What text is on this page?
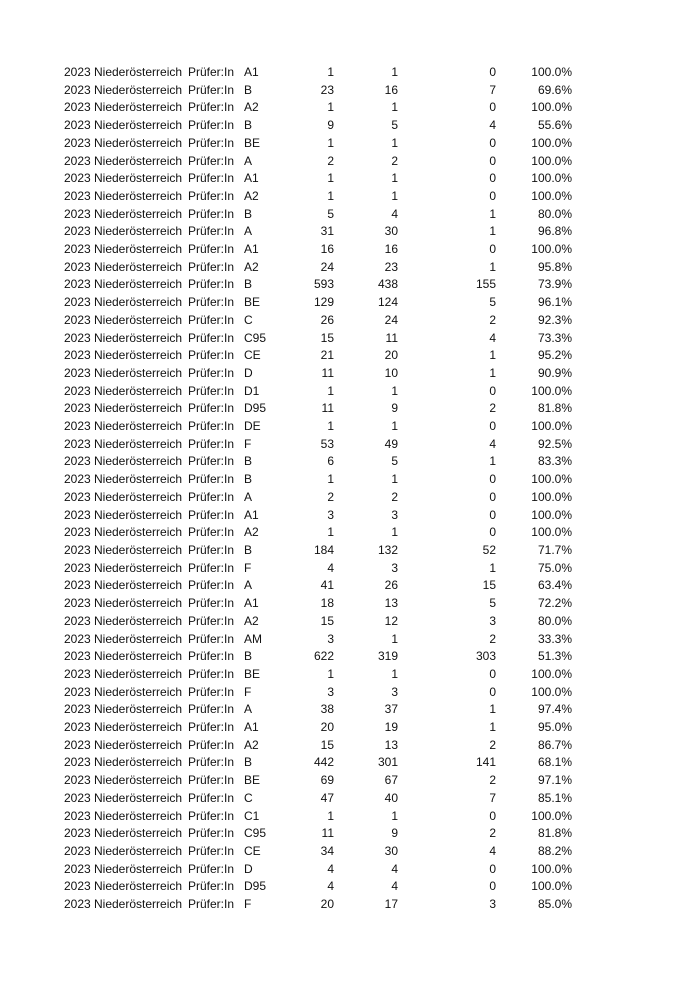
2023	Niederösterreich	Prüfer:In	A1	1	1	0	100.0%
2023	Niederösterreich	Prüfer:In	B	23	16	7	69.6%
2023	Niederösterreich	Prüfer:In	A2	1	1	0	100.0%
2023	Niederösterreich	Prüfer:In	B	9	5	4	55.6%
2023	Niederösterreich	Prüfer:In	BE	1	1	0	100.0%
2023	Niederösterreich	Prüfer:In	A	2	2	0	100.0%
2023	Niederösterreich	Prüfer:In	A1	1	1	0	100.0%
2023	Niederösterreich	Prüfer:In	A2	1	1	0	100.0%
2023	Niederösterreich	Prüfer:In	B	5	4	1	80.0%
2023	Niederösterreich	Prüfer:In	A	31	30	1	96.8%
2023	Niederösterreich	Prüfer:In	A1	16	16	0	100.0%
2023	Niederösterreich	Prüfer:In	A2	24	23	1	95.8%
2023	Niederösterreich	Prüfer:In	B	593	438	155	73.9%
2023	Niederösterreich	Prüfer:In	BE	129	124	5	96.1%
2023	Niederösterreich	Prüfer:In	C	26	24	2	92.3%
2023	Niederösterreich	Prüfer:In	C95	15	11	4	73.3%
2023	Niederösterreich	Prüfer:In	CE	21	20	1	95.2%
2023	Niederösterreich	Prüfer:In	D	11	10	1	90.9%
2023	Niederösterreich	Prüfer:In	D1	1	1	0	100.0%
2023	Niederösterreich	Prüfer:In	D95	11	9	2	81.8%
2023	Niederösterreich	Prüfer:In	DE	1	1	0	100.0%
2023	Niederösterreich	Prüfer:In	F	53	49	4	92.5%
2023	Niederösterreich	Prüfer:In	B	6	5	1	83.3%
2023	Niederösterreich	Prüfer:In	B	1	1	0	100.0%
2023	Niederösterreich	Prüfer:In	A	2	2	0	100.0%
2023	Niederösterreich	Prüfer:In	A1	3	3	0	100.0%
2023	Niederösterreich	Prüfer:In	A2	1	1	0	100.0%
2023	Niederösterreich	Prüfer:In	B	184	132	52	71.7%
2023	Niederösterreich	Prüfer:In	F	4	3	1	75.0%
2023	Niederösterreich	Prüfer:In	A	41	26	15	63.4%
2023	Niederösterreich	Prüfer:In	A1	18	13	5	72.2%
2023	Niederösterreich	Prüfer:In	A2	15	12	3	80.0%
2023	Niederösterreich	Prüfer:In	AM	3	1	2	33.3%
2023	Niederösterreich	Prüfer:In	B	622	319	303	51.3%
2023	Niederösterreich	Prüfer:In	BE	1	1	0	100.0%
2023	Niederösterreich	Prüfer:In	F	3	3	0	100.0%
2023	Niederösterreich	Prüfer:In	A	38	37	1	97.4%
2023	Niederösterreich	Prüfer:In	A1	20	19	1	95.0%
2023	Niederösterreich	Prüfer:In	A2	15	13	2	86.7%
2023	Niederösterreich	Prüfer:In	B	442	301	141	68.1%
2023	Niederösterreich	Prüfer:In	BE	69	67	2	97.1%
2023	Niederösterreich	Prüfer:In	C	47	40	7	85.1%
2023	Niederösterreich	Prüfer:In	C1	1	1	0	100.0%
2023	Niederösterreich	Prüfer:In	C95	11	9	2	81.8%
2023	Niederösterreich	Prüfer:In	CE	34	30	4	88.2%
2023	Niederösterreich	Prüfer:In	D	4	4	0	100.0%
2023	Niederösterreich	Prüfer:In	D95	4	4	0	100.0%
2023	Niederösterreich	Prüfer:In	F	20	17	3	85.0%
